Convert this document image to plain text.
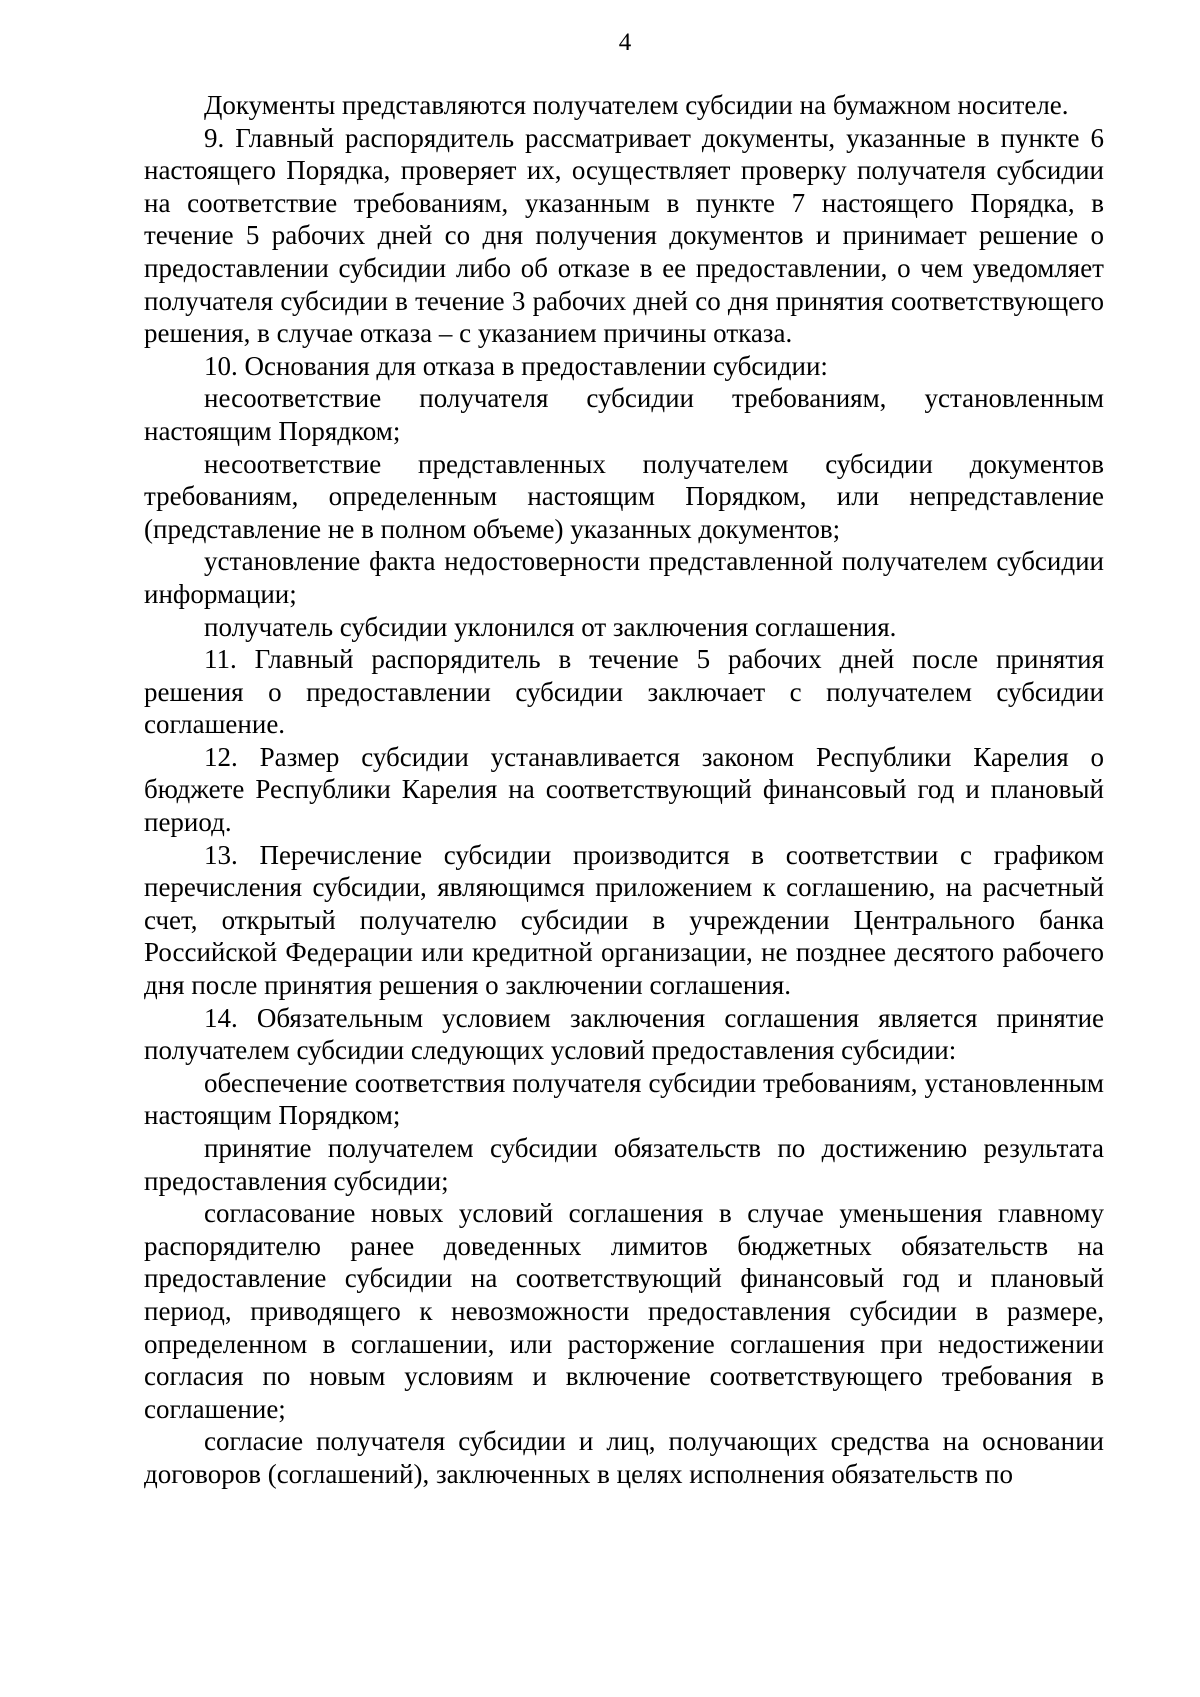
4

Документы представляются получателем субсидии на бумажном носителе.

9. Главный распорядитель рассматривает документы, указанные в пункте 6 настоящего Порядка, проверяет их, осуществляет проверку получателя субсидии на соответствие требованиям, указанным в пункте 7 настоящего Порядка, в течение 5 рабочих дней со дня получения документов и принимает решение о предоставлении субсидии либо об отказе в ее предоставлении, о чем уведомляет получателя субсидии в течение 3 рабочих дней со дня принятия соответствующего решения, в случае отказа – с указанием причины отказа.

10. Основания для отказа в предоставлении субсидии:

несоответствие получателя субсидии требованиям, установленным настоящим Порядком;

несоответствие представленных получателем субсидии документов требованиям, определенным настоящим Порядком, или непредставление (представление не в полном объеме) указанных документов;

установление факта недостоверности представленной получателем субсидии информации;

получатель субсидии уклонился от заключения соглашения.

11. Главный распорядитель в течение 5 рабочих дней после принятия решения о предоставлении субсидии заключает с получателем субсидии соглашение.

12. Размер субсидии устанавливается законом Республики Карелия о бюджете Республики Карелия на соответствующий финансовый год и плановый период.

13. Перечисление субсидии производится в соответствии с графиком перечисления субсидии, являющимся приложением к соглашению, на расчетный счет, открытый получателю субсидии в учреждении Центрального банка Российской Федерации или кредитной организации, не позднее десятого рабочего дня после принятия решения о заключении соглашения.

14. Обязательным условием заключения соглашения является принятие получателем субсидии следующих условий предоставления субсидии:

обеспечение соответствия получателя субсидии требованиям, установленным настоящим Порядком;

принятие получателем субсидии обязательств по достижению результата предоставления субсидии;

согласование новых условий соглашения в случае уменьшения главному распорядителю ранее доведенных лимитов бюджетных обязательств на предоставление субсидии на соответствующий финансовый год и плановый период, приводящего к невозможности предоставления субсидии в размере, определенном в соглашении, или расторжение соглашения при недостижении согласия по новым условиям и включение соответствующего требования в соглашение;

согласие получателя субсидии и лиц, получающих средства на основании договоров (соглашений), заключенных в целях исполнения обязательств по
